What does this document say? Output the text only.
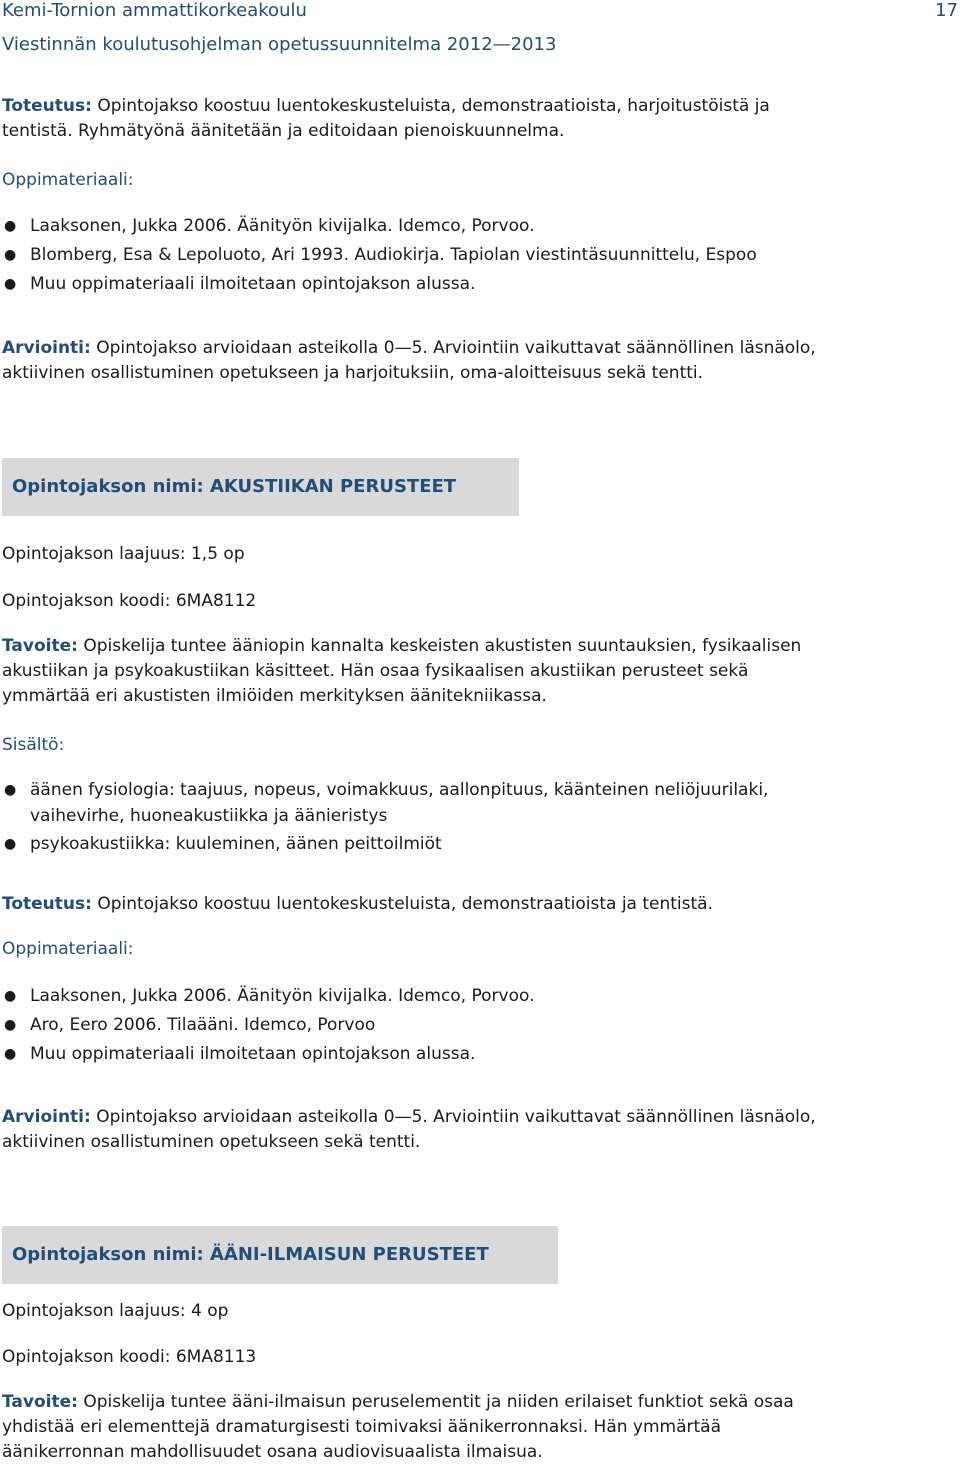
Kemi-Tornion ammattikorkeakoulu	17
Viestinnän koulutusohjelman opetussuunnitelma 2012—2013
Toteutus: Opintojakso koostuu luentokeskusteluista, demonstraatioista, harjoitustöistä ja
tentistä. Ryhmätyönä äänitetään ja editoidaan pienoiskuunnelma.
Oppimateriaali:
● Laaksonen, Jukka 2006. Äänityön kivijalka. Idemco, Porvoo.
● Blomberg, Esa & Lepoluoto, Ari 1993. Audiokirja. Tapiolan viestintäsuunnittelu, Espoo
● Muu oppimateriaali ilmoitetaan opintojakson alussa.
Arviointi: Opintojakso arvioidaan asteikolla 0—5. Arviointiin vaikuttavat säännöllinen läsnäolo,
aktiivinen osallistuminen opetukseen ja harjoituksiin, oma-aloitteisuus sekä tentti.
Opintojakson nimi: AKUSTIIKAN PERUSTEET
Opintojakson laajuus: 1,5 op
Opintojakson koodi: 6MA8112
Tavoite: Opiskelija tuntee ääniopin kannalta keskeisten akustisten suuntauksien, fysikaalisen
akustiikan ja psykoakustiikan käsitteet. Hän osaa fysikaalisen akustiikan perusteet sekä
ymmärtää eri akustisten ilmiöiden merkityksen äänitekniikassa.
Sisältö:
● äänen fysiologia: taajuus, nopeus, voimakkuus, aallonpituus, käänteinen neliöjuurilaki,
vaihevirhe, huoneakustiikka ja äänieristys
● psykoakustiikka: kuuleminen, äänen peittoilmiöt
Toteutus: Opintojakso koostuu luentokeskusteluista, demonstraatioista ja tentistä.
Oppimateriaali:
● Laaksonen, Jukka 2006. Äänityön kivijalka. Idemco, Porvoo.
● Aro, Eero 2006. Tilaääni. Idemco, Porvoo
● Muu oppimateriaali ilmoitetaan opintojakson alussa.
Arviointi: Opintojakso arvioidaan asteikolla 0—5. Arviointiin vaikuttavat säännöllinen läsnäolo,
aktiivinen osallistuminen opetukseen sekä tentti.
Opintojakson nimi: ÄÄNI-ILMAISUN PERUSTEET
Opintojakson laajuus: 4 op
Opintojakson koodi: 6MA8113
Tavoite: Opiskelija tuntee ääni-ilmaisun peruselementit ja niiden erilaiset funktiot sekä osaa
yhdistää eri elementtejä dramaturgisesti toimivaksi äänikerronnaksi. Hän ymmärtää
äänikerronnan mahdollisuudet osana audiovisuaalista ilmaisua.
